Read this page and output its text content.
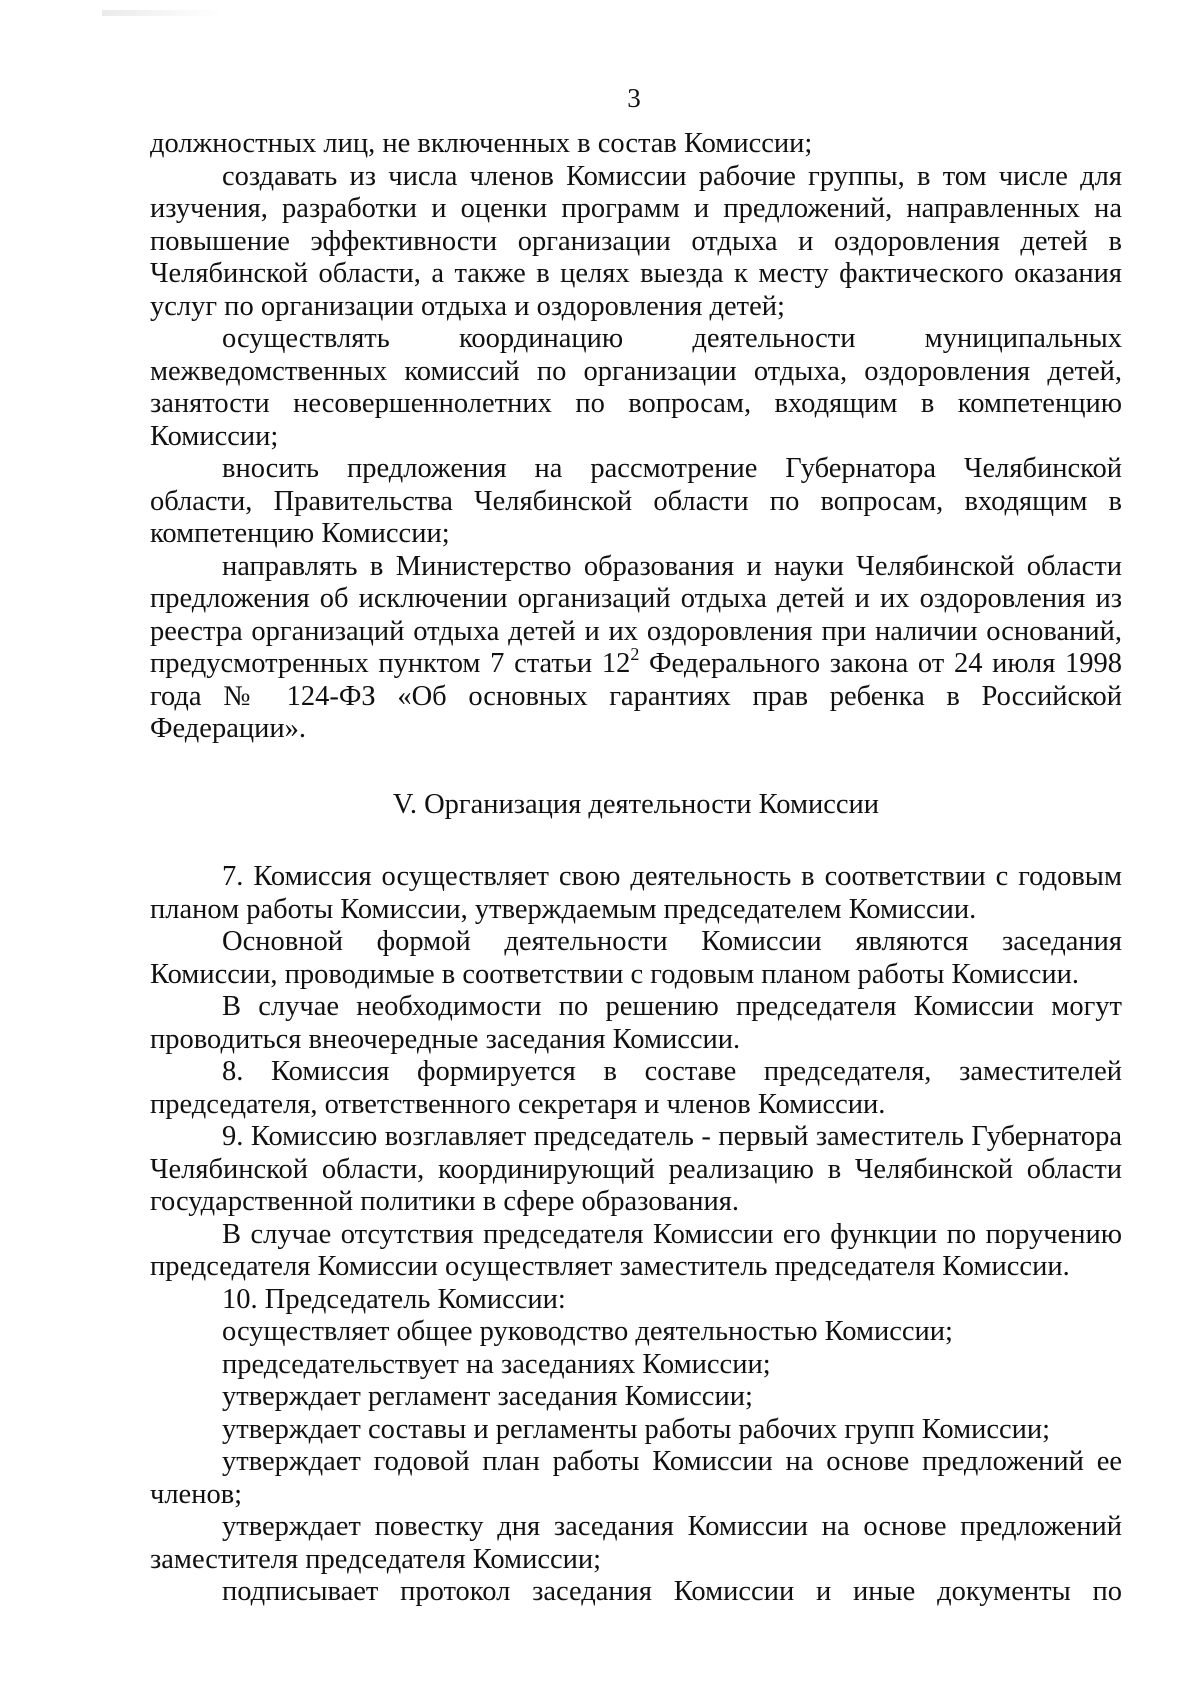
3

должностных лиц, не включенных в состав Комиссии;

создавать из числа членов Комиссии рабочие группы, в том числе для изучения, разработки и оценки программ и предложений, направленных на повышение эффективности организации отдыха и оздоровления детей в Челябинской области, а также в целях выезда к месту фактического оказания услуг по организации отдыха и оздоровления детей;

осуществлять координацию деятельности муниципальных межведомственных комиссий по организации отдыха, оздоровления детей, занятости несовершеннолетних по вопросам, входящим в компетенцию Комиссии;

вносить предложения на рассмотрение Губернатора Челябинской области, Правительства Челябинской области по вопросам, входящим в компетенцию Комиссии;

направлять в Министерство образования и науки Челябинской области предложения об исключении организаций отдыха детей и их оздоровления из реестра организаций отдыха детей и их оздоровления при наличии оснований, предусмотренных пунктом 7 статьи $12^2$ Федерального закона от 24 июля 1998 года № 124-ФЗ «Об основных гарантиях прав ребенка в Российской Федерации».

V. Организация деятельности Комиссии

7. Комиссия осуществляет свою деятельность в соответствии с годовым планом работы Комиссии, утверждаемым председателем Комиссии.

Основной формой деятельности Комиссии являются заседания Комиссии, проводимые в соответствии с годовым планом работы Комиссии.

В случае необходимости по решению председателя Комиссии могут проводиться внеочередные заседания Комиссии.

8. Комиссия формируется в составе председателя, заместителей председателя, ответственного секретаря и членов Комиссии.

9. Комиссию возглавляет председатель - первый заместитель Губернатора Челябинской области, координирующий реализацию в Челябинской области государственной политики в сфере образования.

В случае отсутствия председателя Комиссии его функции по поручению председателя Комиссии осуществляет заместитель председателя Комиссии.

10. Председатель Комиссии:

осуществляет общее руководство деятельностью Комиссии;

председательствует на заседаниях Комиссии;

утверждает регламент заседания Комиссии;

утверждает составы и регламенты работы рабочих групп Комиссии;

утверждает годовой план работы Комиссии на основе предложений ее членов;

утверждает повестку дня заседания Комиссии на основе предложений заместителя председателя Комиссии;

подписывает протокол заседания Комиссии и иные документы по
